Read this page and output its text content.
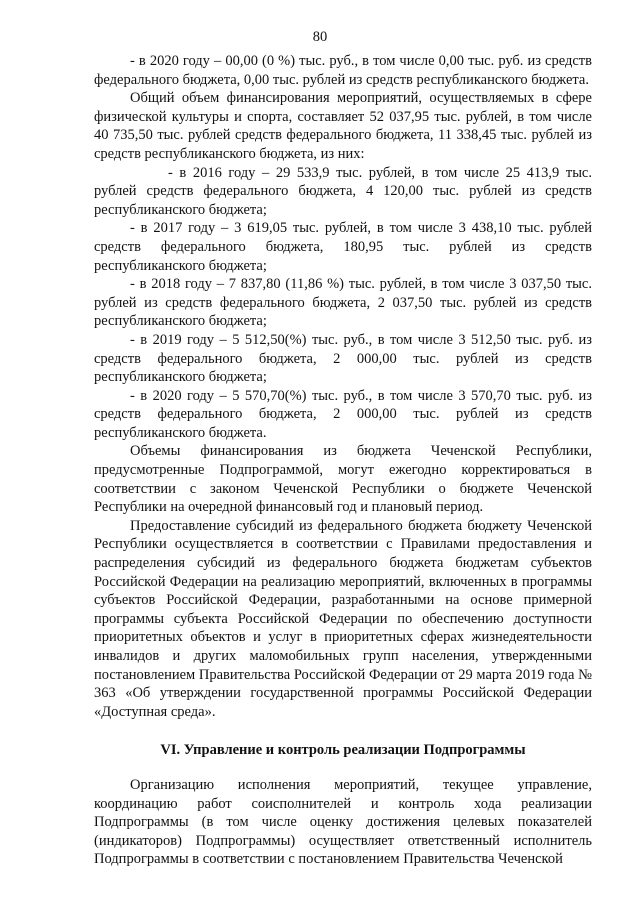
80

- в 2020 году – 00,00 (0 %) тыс. руб., в том числе 0,00 тыс. руб. из средств федерального бюджета, 0,00 тыс. рублей из средств республиканского бюджета.

Общий объем финансирования мероприятий, осуществляемых в сфере физической культуры и спорта, составляет 52 037,95 тыс. рублей, в том числе 40 735,50 тыс. рублей средств федерального бюджета, 11 338,45 тыс. рублей из средств республиканского бюджета, из них:

- в 2016 году – 29 533,9 тыс. рублей, в том числе 25 413,9 тыс. рублей средств федерального бюджета, 4 120,00 тыс. рублей из средств республиканского бюджета;

- в 2017 году – 3 619,05 тыс. рублей, в том числе 3 438,10 тыс. рублей средств федерального бюджета, 180,95 тыс. рублей из средств республиканского бюджета;

- в 2018 году – 7 837,80 (11,86 %) тыс. рублей, в том числе 3 037,50 тыс. рублей из средств федерального бюджета, 2 037,50 тыс. рублей из средств республиканского бюджета;

- в 2019 году – 5 512,50(%) тыс. руб., в том числе 3 512,50 тыс. руб. из средств федерального бюджета, 2 000,00 тыс. рублей из средств республиканского бюджета;

- в 2020 году – 5 570,70(%) тыс. руб., в том числе 3 570,70 тыс. руб. из средств федерального бюджета, 2 000,00 тыс. рублей из средств республиканского бюджета.

Объемы финансирования из бюджета Чеченской Республики, предусмотренные Подпрограммой, могут ежегодно корректироваться в соответствии с законом Чеченской Республики о бюджете Чеченской Республики на очередной финансовый год и плановый период.

Предоставление субсидий из федерального бюджета бюджету Чеченской Республики осуществляется в соответствии с Правилами предоставления и распределения субсидий из федерального бюджета бюджетам субъектов Российской Федерации на реализацию мероприятий, включенных в программы субъектов Российской Федерации, разработанными на основе примерной программы субъекта Российской Федерации по обеспечению доступности приоритетных объектов и услуг в приоритетных сферах жизнедеятельности инвалидов и других маломобильных групп населения, утвержденными постановлением Правительства Российской Федерации от 29 марта 2019 года № 363 «Об утверждении государственной программы Российской Федерации «Доступная среда».

VI. Управление и контроль реализации Подпрограммы

Организацию исполнения мероприятий, текущее управление, координацию работ соисполнителей и контроль хода реализации Подпрограммы (в том числе оценку достижения целевых показателей (индикаторов) Подпрограммы) осуществляет ответственный исполнитель Подпрограммы в соответствии с постановлением Правительства Чеченской
